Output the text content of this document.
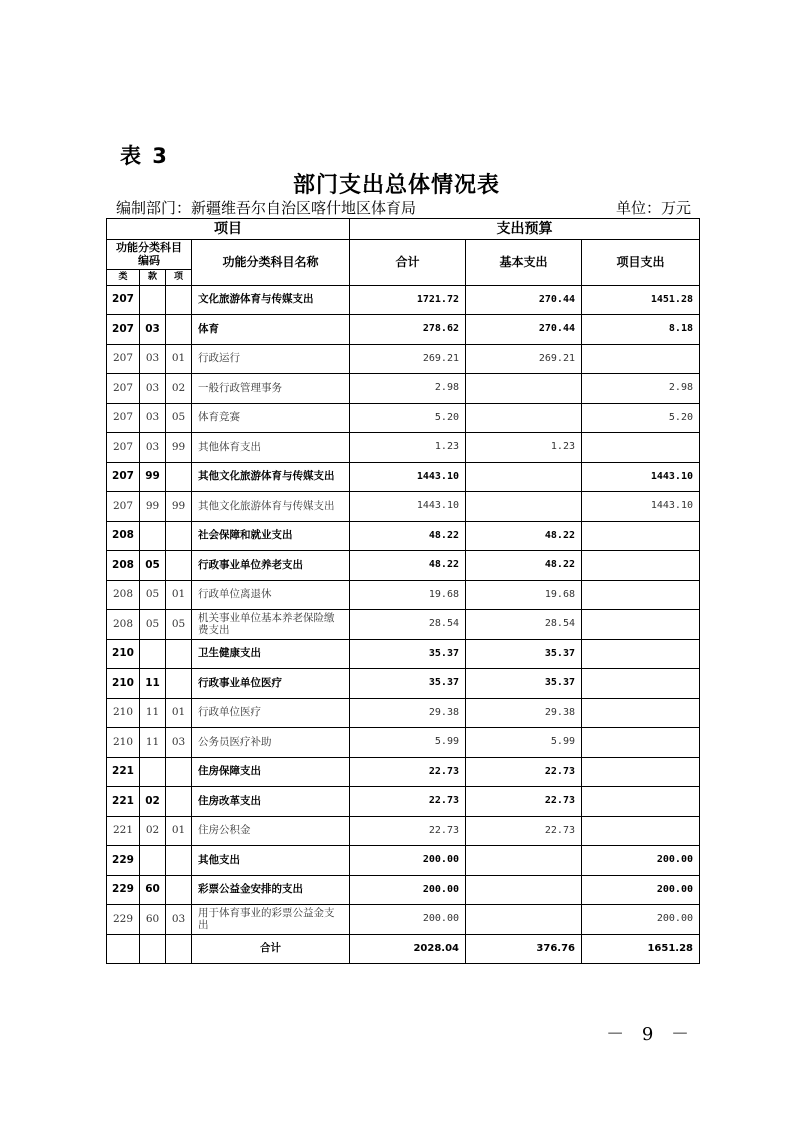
表 3
部门支出总体情况表
编制部门：新疆维吾尔自治区喀什地区体育局	单位：万元
项目				支出预算		
功能分类科目编码			功能分类科目名称	合计	基本支出	项目支出
类	款	项				
207			文化旅游体育与传媒支出	1721.72	270.44	1451.28
207	03		体育	278.62	270.44	8.18
207	03	01	行政运行	269.21	269.21	
207	03	02	一般行政管理事务	2.98		2.98
207	03	05	体育竞赛	5.20		5.20
207	03	99	其他体育支出	1.23	1.23	
207	99		其他文化旅游体育与传媒支出	1443.10		1443.10
207	99	99	其他文化旅游体育与传媒支出	1443.10		1443.10
208			社会保障和就业支出	48.22	48.22	
208	05		行政事业单位养老支出	48.22	48.22	
208	05	01	行政单位离退休	19.68	19.68	
208	05	05	机关事业单位基本养老保险缴费支出	28.54	28.54	
210			卫生健康支出	35.37	35.37	
210	11		行政事业单位医疗	35.37	35.37	
210	11	01	行政单位医疗	29.38	29.38	
210	11	03	公务员医疗补助	5.99	5.99	
221			住房保障支出	22.73	22.73	
221	02		住房改革支出	22.73	22.73	
221	02	01	住房公积金	22.73	22.73	
229			其他支出	200.00		200.00
229	60		彩票公益金安排的支出	200.00		200.00
229	60	03	用于体育事业的彩票公益金支出	200.00		200.00
			合计	2028.04	376.76	1651.28
－ 9 －
